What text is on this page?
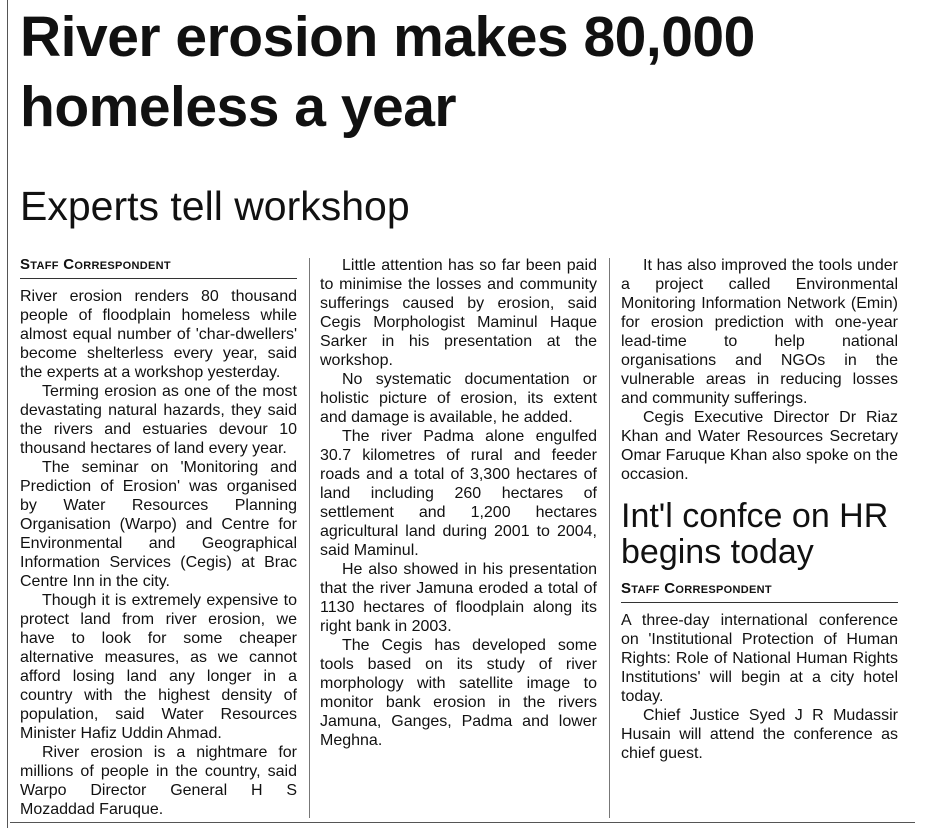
River erosion makes 80,000 homeless a year
Experts tell workshop
Staff Correspondent

River erosion renders 80 thousand people of floodplain homeless while almost equal number of 'char-dwellers' become shelterless every year, said the experts at a workshop yesterday.

Terming erosion as one of the most devastating natural hazards, they said the rivers and estuaries devour 10 thousand hectares of land every year.

The seminar on 'Monitoring and Prediction of Erosion' was organised by Water Resources Planning Organisation (Warpo) and Centre for Environmental and Geographical Information Services (Cegis) at Brac Centre Inn in the city.

Though it is extremely expensive to protect land from river erosion, we have to look for some cheaper alternative measures, as we cannot afford losing land any longer in a country with the highest density of population, said Water Resources Minister Hafiz Uddin Ahmad.

River erosion is a nightmare for millions of people in the country, said Warpo Director General H S Mozaddad Faruque.

Little attention has so far been paid to minimise the losses and community sufferings caused by erosion, said Cegis Morphologist Maminul Haque Sarker in his presentation at the workshop.

No systematic documentation or holistic picture of erosion, its extent and damage is available, he added.

The river Padma alone engulfed 30.7 kilometres of rural and feeder roads and a total of 3,300 hectares of land including 260 hectares of settlement and 1,200 hectares agricultural land during 2001 to 2004, said Maminul.

He also showed in his presentation that the river Jamuna eroded a total of 1130 hectares of floodplain along its right bank in 2003.

The Cegis has developed some tools based on its study of river morphology with satellite image to monitor bank erosion in the rivers Jamuna, Ganges, Padma and lower Meghna.

It has also improved the tools under a project called Environmental Monitoring Information Network (Emin) for erosion prediction with one-year lead-time to help national organisations and NGOs in the vulnerable areas in reducing losses and community sufferings.

Cegis Executive Director Dr Riaz Khan and Water Resources Secretary Omar Faruque Khan also spoke on the occasion.

Int'l confce on HR begins today
Staff Correspondent

A three-day international conference on 'Institutional Protection of Human Rights: Role of National Human Rights Institutions' will begin at a city hotel today.

Chief Justice Syed J R Mudassir Husain will attend the conference as chief guest.
